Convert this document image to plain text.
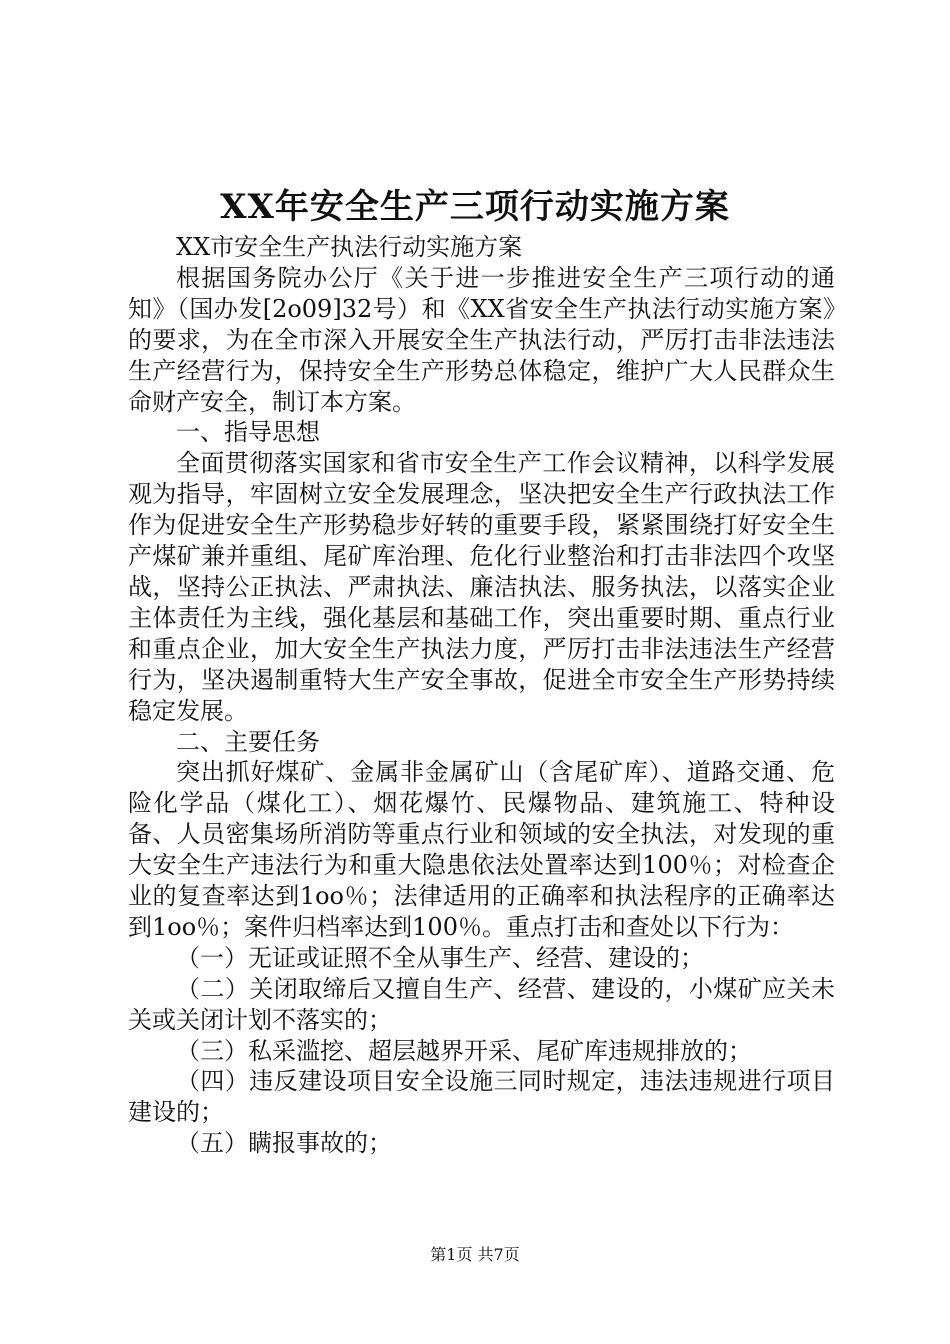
XX年安全生产三项行动实施方案

XX市安全生产执法行动实施方案

根据国务院办公厅《关于进一步推进安全生产三项行动的通知》（国办发[2o09]32号）和《XX省安全生产执法行动实施方案》的要求，为在全市深入开展安全生产执法行动，严厉打击非法违法生产经营行为，保持安全生产形势总体稳定，维护广大人民群众生命财产安全，制订本方案。

一、指导思想

全面贯彻落实国家和省市安全生产工作会议精神，以科学发展观为指导，牢固树立安全发展理念，坚决把安全生产行政执法工作作为促进安全生产形势稳步好转的重要手段，紧紧围绕打好安全生产煤矿兼并重组、尾矿库治理、危化行业整治和打击非法四个攻坚战，坚持公正执法、严肃执法、廉洁执法、服务执法，以落实企业主体责任为主线，强化基层和基础工作，突出重要时期、重点行业和重点企业，加大安全生产执法力度，严厉打击非法违法生产经营行为，坚决遏制重特大生产安全事故，促进全市安全生产形势持续稳定发展。

二、主要任务

突出抓好煤矿、金属非金属矿山（含尾矿库）、道路交通、危险化学品（煤化工）、烟花爆竹、民爆物品、建筑施工、特种设备、人员密集场所消防等重点行业和领域的安全执法，对发现的重大安全生产违法行为和重大隐患依法处置率达到100％；对检查企业的复查率达到1oo％；法律适用的正确率和执法程序的正确率达到1oo％；案件归档率达到100％。重点打击和查处以下行为：

（一）无证或证照不全从事生产、经营、建设的；

（二）关闭取缔后又擅自生产、经营、建设的，小煤矿应关未关或关闭计划不落实的；

（三）私采滥挖、超层越界开采、尾矿库违规排放的；

（四）违反建设项目安全设施三同时规定，违法违规进行项目建设的；

（五）瞒报事故的；

第1页 共7页
